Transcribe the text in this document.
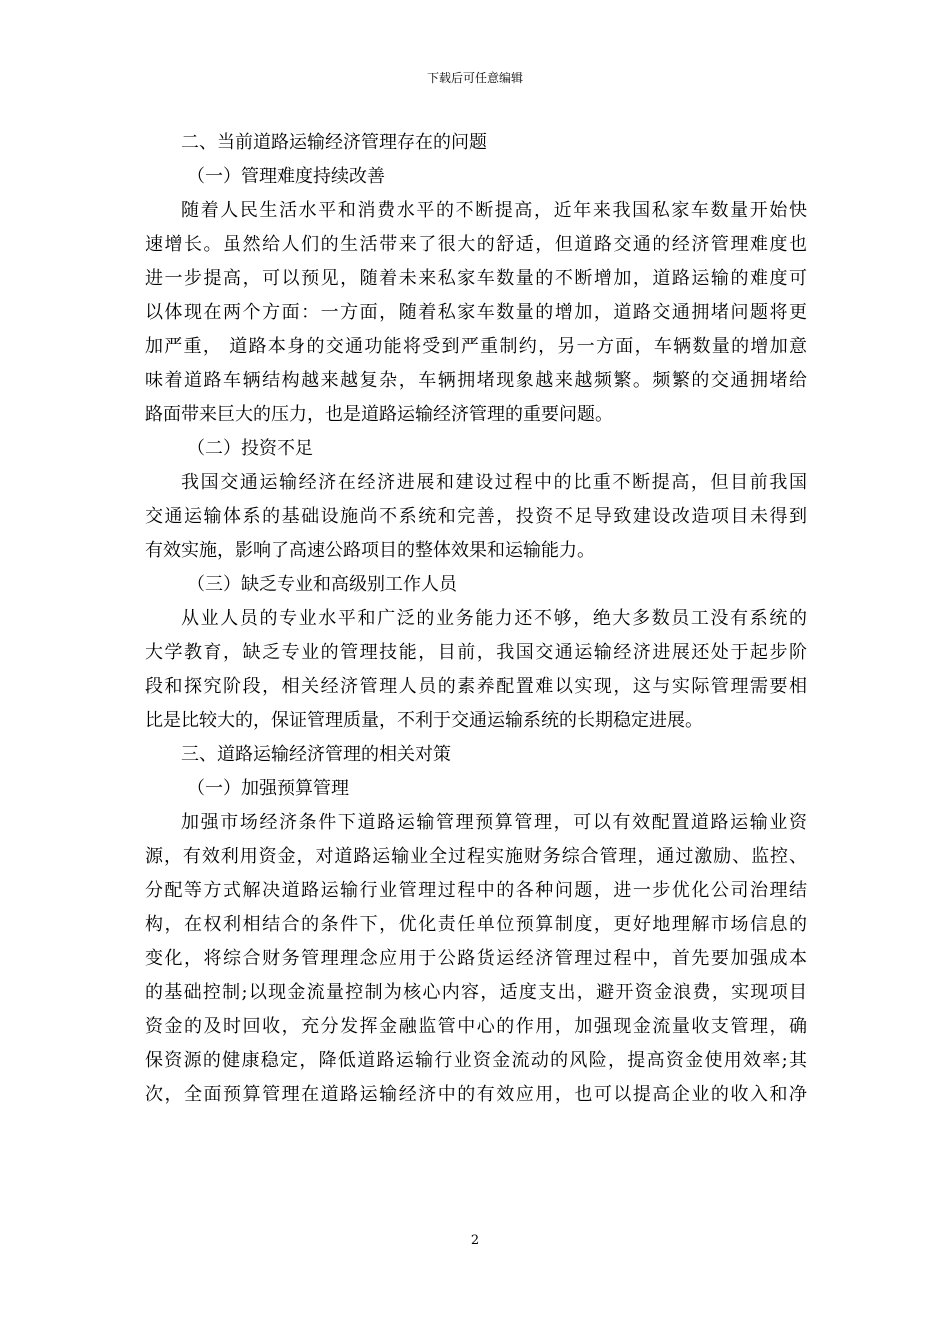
下载后可任意编辑
二、当前道路运输经济管理存在的问题
（一）管理难度持续改善
随着人民生活水平和消费水平的不断提高，近年来我国私家车数量开始快
速增长。虽然给人们的生活带来了很大的舒适，但道路交通的经济管理难度也
进一步提高，可以预见，随着未来私家车数量的不断增加，道路运输的难度可
以体现在两个方面：一方面，随着私家车数量的增加，道路交通拥堵问题将更
加严重， 道路本身的交通功能将受到严重制约，另一方面，车辆数量的增加意
味着道路车辆结构越来越复杂，车辆拥堵现象越来越频繁。频繁的交通拥堵给
路面带来巨大的压力，也是道路运输经济管理的重要问题。
（二）投资不足
我国交通运输经济在经济进展和建设过程中的比重不断提高，但目前我国
交通运输体系的基础设施尚不系统和完善，投资不足导致建设改造项目未得到
有效实施，影响了高速公路项目的整体效果和运输能力。
（三）缺乏专业和高级别工作人员
从业人员的专业水平和广泛的业务能力还不够，绝大多数员工没有系统的
大学教育，缺乏专业的管理技能，目前，我国交通运输经济进展还处于起步阶
段和探究阶段，相关经济管理人员的素养配置难以实现，这与实际管理需要相
比是比较大的，保证管理质量，不利于交通运输系统的长期稳定进展。
三、道路运输经济管理的相关对策
（一）加强预算管理
加强市场经济条件下道路运输管理预算管理，可以有效配置道路运输业资
源，有效利用资金，对道路运输业全过程实施财务综合管理，通过激励、监控、
分配等方式解决道路运输行业管理过程中的各种问题，进一步优化公司治理结
构，在权利相结合的条件下，优化责任单位预算制度，更好地理解市场信息的
变化，将综合财务管理理念应用于公路货运经济管理过程中，首先要加强成本
的基础控制;以现金流量控制为核心内容，适度支出，避开资金浪费，实现项目
资金的及时回收，充分发挥金融监管中心的作用，加强现金流量收支管理，确
保资源的健康稳定，降低道路运输行业资金流动的风险，提高资金使用效率;其
次，全面预算管理在道路运输经济中的有效应用，也可以提高企业的收入和净
2
